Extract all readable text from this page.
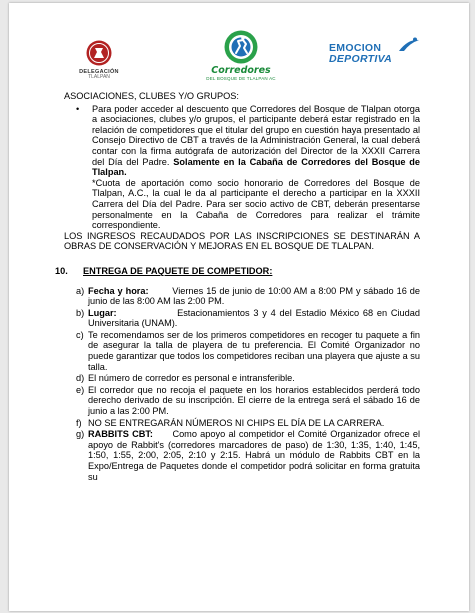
DELEGACIÓN
TLALPAN
Corredores
DEL BOSQUE DE TLALPAN AC
EMOCION
DEPORTIVA

ASOCIACIONES, CLUBES Y/O GRUPOS:

• Para poder acceder al descuento que Corredores del Bosque de Tlalpan otorga a asociaciones, clubes y/o grupos, el participante deberá estar registrado en la relación de competidores que el titular del grupo en cuestión haya presentado al Consejo Directivo de CBT a través de la Administración General, la cual deberá contar con la firma autógrafa de autorización del Director de la XXXII Carrera del Día del Padre. Solamente en la Cabaña de Corredores del Bosque de Tlalpan.

*Cuota de aportación como socio honorario de Corredores del Bosque de Tlalpan, A.C., la cual le da al participante el derecho a participar en la XXXII Carrera del Día del Padre. Para ser socio activo de CBT, deberán presentarse personalmente en la Cabaña de Corredores para realizar el trámite correspondiente.

LOS INGRESOS RECAUDADOS POR LAS INSCRIPCIONES SE DESTINARÁN A OBRAS DE CONSERVACIÓN Y MEJORAS EN EL BOSQUE DE TLALPAN.

10. ENTREGA DE PAQUETE DE COMPETIDOR:
a) Fecha y hora:	Viernes 15 de junio de 10:00 AM a 8:00 PM y sábado 16 de junio de las 8:00 AM las 2:00 PM.
b) Lugar:	Estacionamientos 3 y 4 del Estadio México 68 en Ciudad Universitaria (UNAM).
c) Te recomendamos ser de los primeros competidores en recoger tu paquete a fin de asegurar la talla de playera de tu preferencia. El Comité Organizador no puede garantizar que todos los competidores reciban una playera que ajuste a su talla.
d) El número de corredor es personal e intransferible.
e) El corredor que no recoja el paquete en los horarios establecidos perderá todo derecho derivado de su inscripción. El cierre de la entrega será el sábado 16 de junio a las 2:00 PM.
f) NO SE ENTREGARÁN NÚMEROS NI CHIPS EL DÍA DE LA CARRERA.
g) RABBITS CBT: Como apoyo al competidor el Comité Organizador ofrece el apoyo de Rabbit's (corredores marcadores de paso) de 1:30, 1:35, 1:40, 1:45, 1:50, 1:55, 2:00, 2:05, 2:10 y 2:15. Habrá un módulo de Rabbits CBT en la Expo/Entrega de Paquetes donde el competidor podrá solicitar en forma gratuita su
